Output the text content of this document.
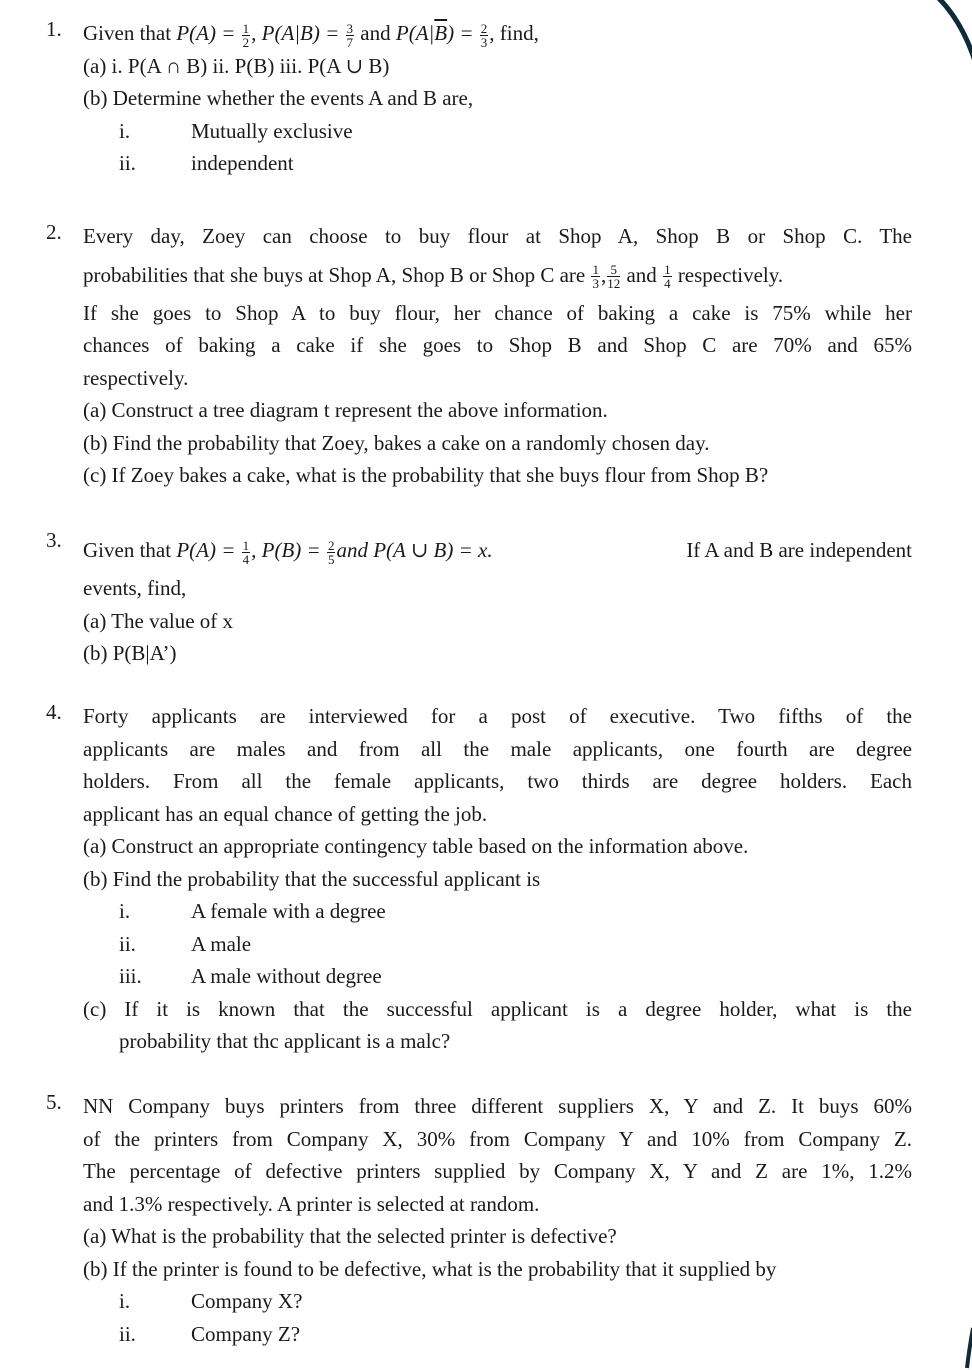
1. Given that $P(A) = \frac{1}{2}$ , $P(A|B) = \frac{3}{7}$ and $P(A|\overline{B}) = \frac{2}{3}$ , find,
(a) i. P(A ∩ B) ii. P(B) iii. P(A ∪ B)
(b) Determine whether the events A and B are,
i.	Mutually exclusive
ii.	independent
2. Every day, Zoey can choose to buy flour at Shop A, Shop B or Shop C. The
probabilities that she buys at Shop A, Shop B or Shop C are $\frac{1}{3}$ , $\frac{5}{12}$ and $\frac{1}{4}$ respectively.
If she goes to Shop A to buy flour, her chance of baking a cake is 75% while her
chances of baking a cake if she goes to Shop B and Shop C are 70% and 65%
respectively.
(a) Construct a tree diagram t represent the above information.
(b) Find the probability that Zoey, bakes a cake on a randomly chosen day.
(c) If Zoey bakes a cake, what is the probability that she buys flour from Shop B?
3. Given that $P(A) = \frac{1}{4}$ , $P(B) = \frac{2}{5}$ and P(A ∪ B) = x.	If A and B are independent
events, find,
(a) The value of x
(b) P(B|A’)
4. Forty applicants are interviewed for a post of executive. Two fifths of the
applicants are males and from all the male applicants, one fourth are degree
holders. From all the female applicants, two thirds are degree holders. Each
applicant has an equal chance of getting the job.
(a) Construct an appropriate contingency table based on the information above.
(b) Find the probability that the successful applicant is
i.	A female with a degree
ii.	A male
iii.	A male without degree
(c) If it is known that the successful applicant is a degree holder, what is the
probability that thc applicant is a malc?
5. NN Company buys printers from three different suppliers X, Y and Z. It buys 60%
of the printers from Company X, 30% from Company Y and 10% from Company Z.
The percentage of defective printers supplied by Company X, Y and Z are 1%, 1.2%
and 1.3% respectively. A printer is selected at random.
(a) What is the probability that the selected printer is defective?
(b) If the printer is found to be defective, what is the probability that it supplied by
i.	Company X?
ii.	Company Z?
